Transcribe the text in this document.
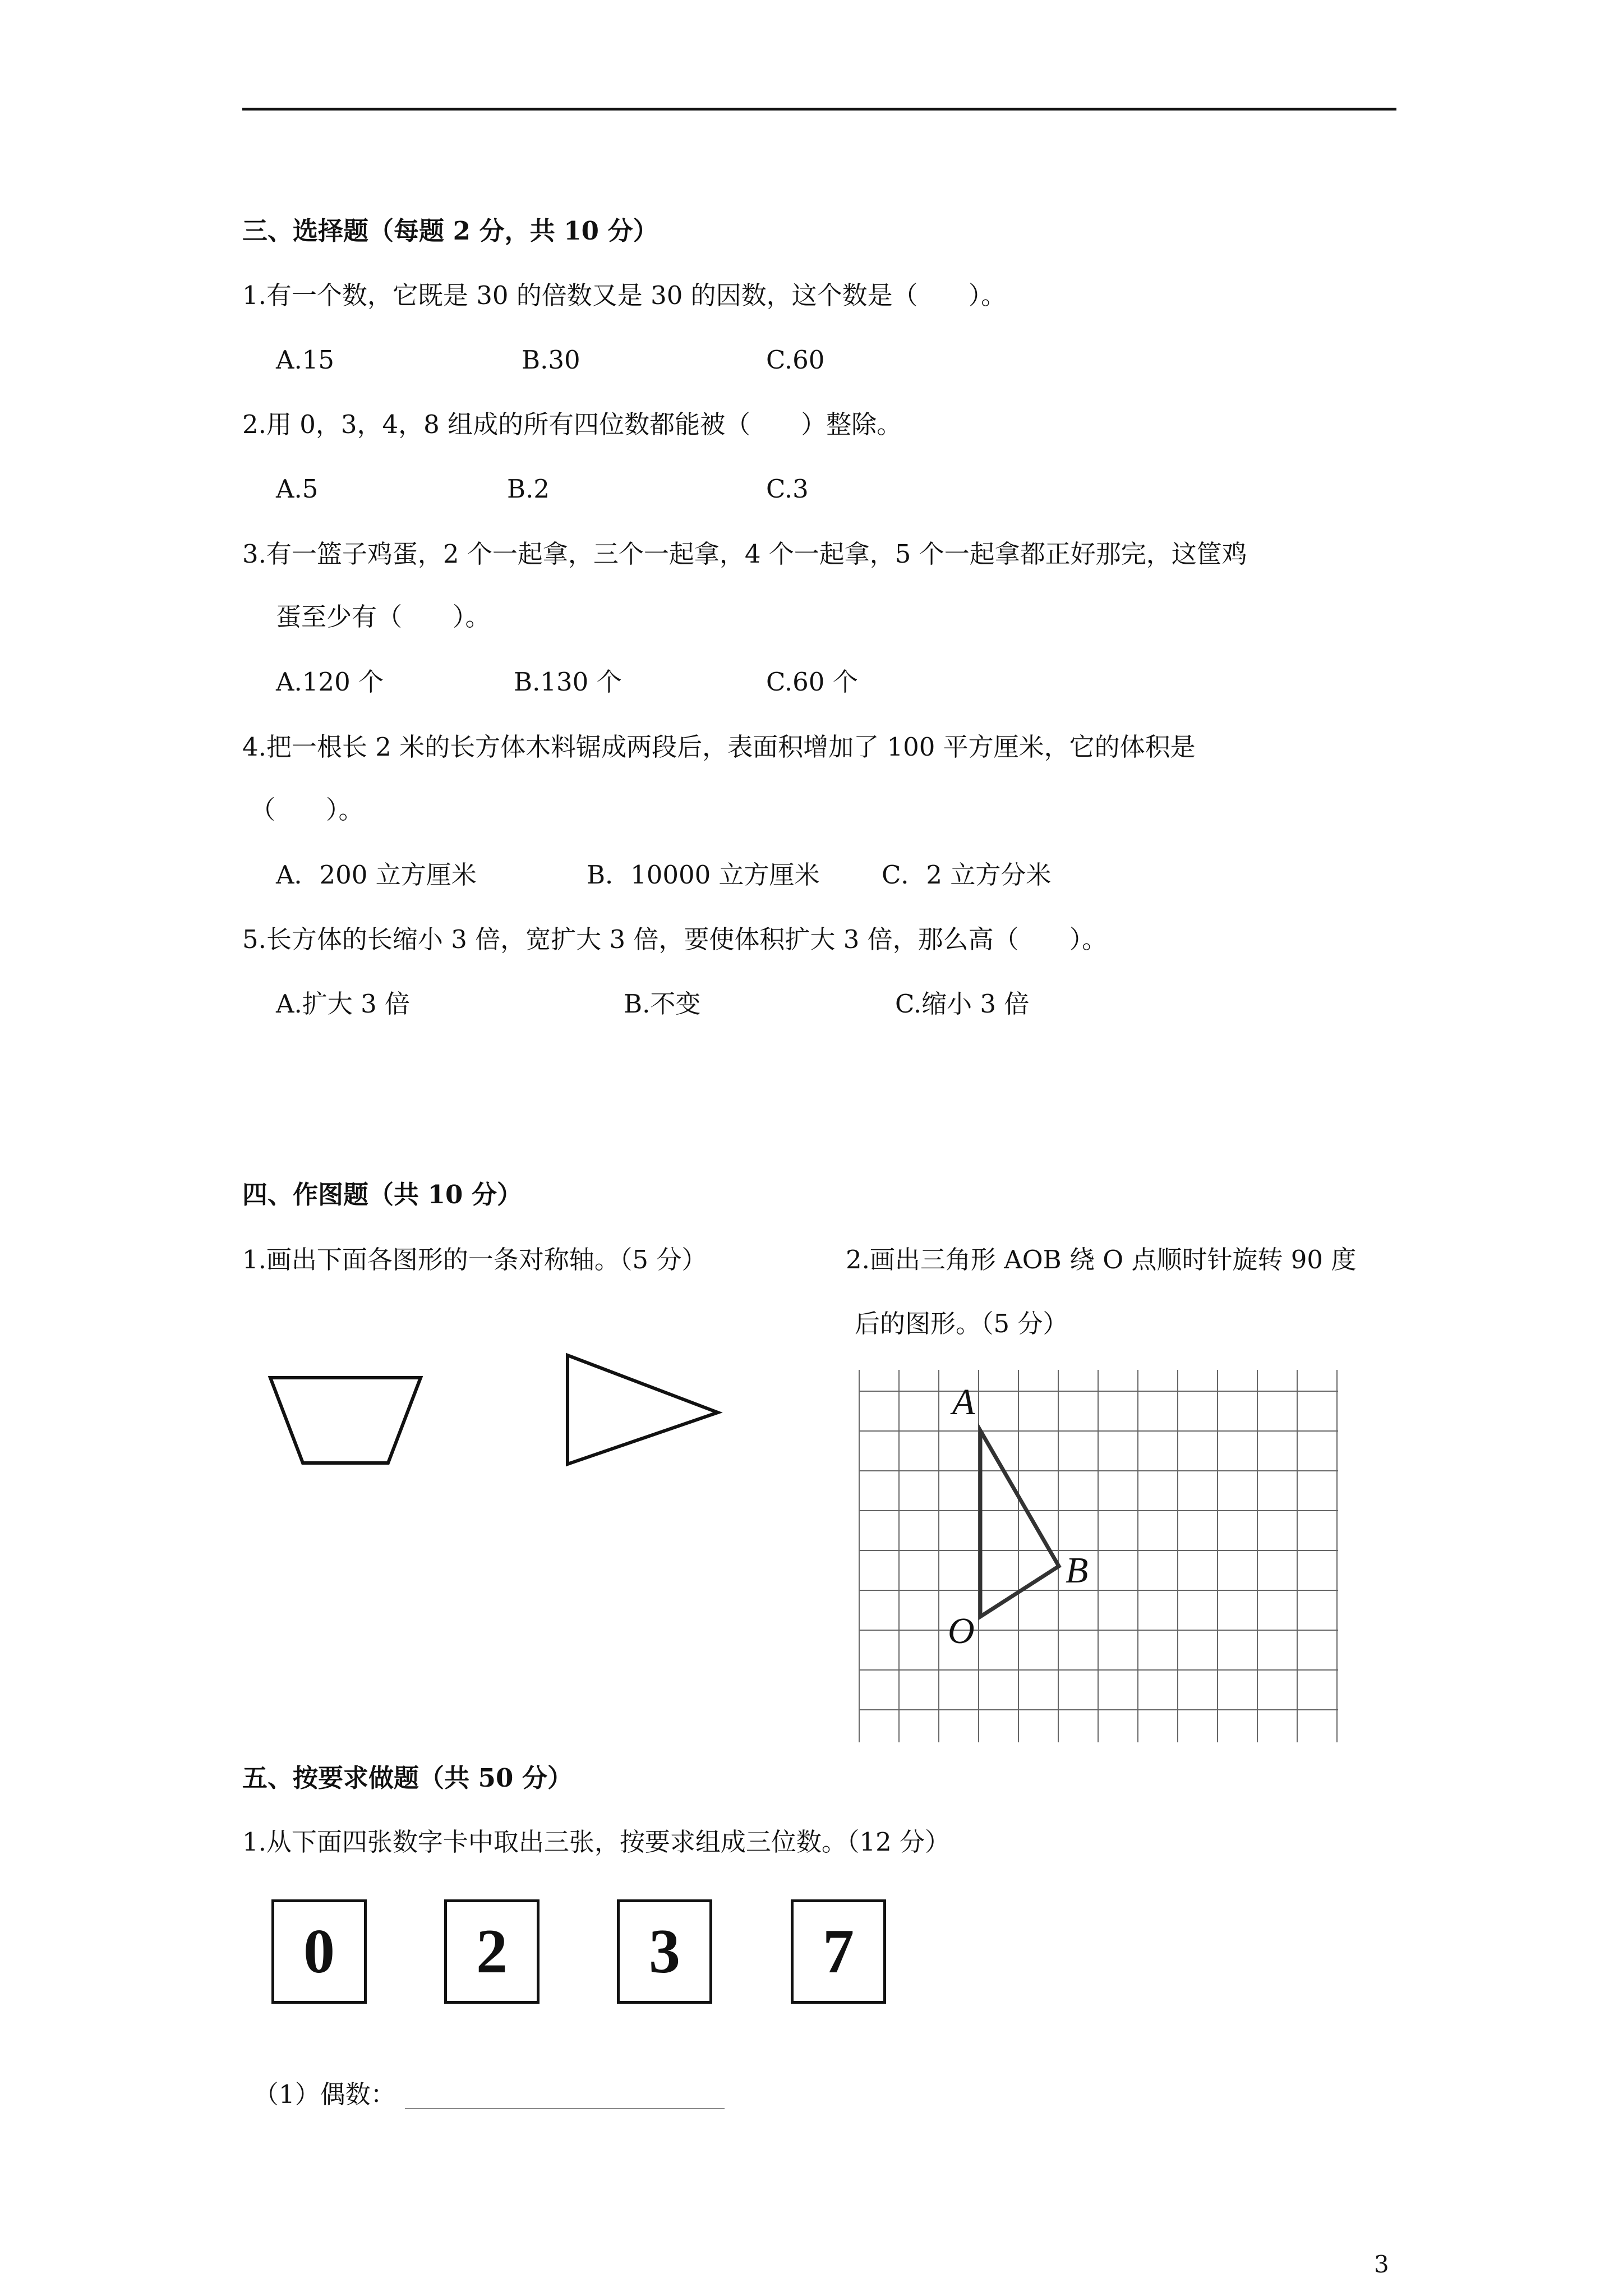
三、选择题（每题 2 分，共 10 分）
1.有一个数，它既是 30 的倍数又是 30 的因数，这个数是（　　）。
A.15	B.30	C.60
2.用 0，3，4，8 组成的所有四位数都能被（　　）整除。
A.5	B.2	C.3
3.有一篮子鸡蛋，2 个一起拿，三个一起拿，4 个一起拿，5 个一起拿都正好那完，这筐鸡
蛋至少有（　　）。
A.120 个	B.130 个	C.60 个
4.把一根长 2 米的长方体木料锯成两段后，表面积增加了 100 平方厘米，它的体积是
（　　）。
A．200 立方厘米	B．10000 立方厘米 C．2 立方分米
5.长方体的长缩小 3 倍，宽扩大 3 倍，要使体积扩大 3 倍，那么高（　　）。
A.扩大 3 倍	B.不变	C.缩小 3 倍
四、作图题（共 10 分）
1.画出下面各图形的一条对称轴。（5 分）	2.画出三角形 AOB 绕 O 点顺时针旋转 90 度
后的图形。（5 分）
A
B
O
五、按要求做题（共 50 分）
1.从下面四张数字卡中取出三张，按要求组成三位数。（12 分）
0	2	3	7
（1）偶数：
3
